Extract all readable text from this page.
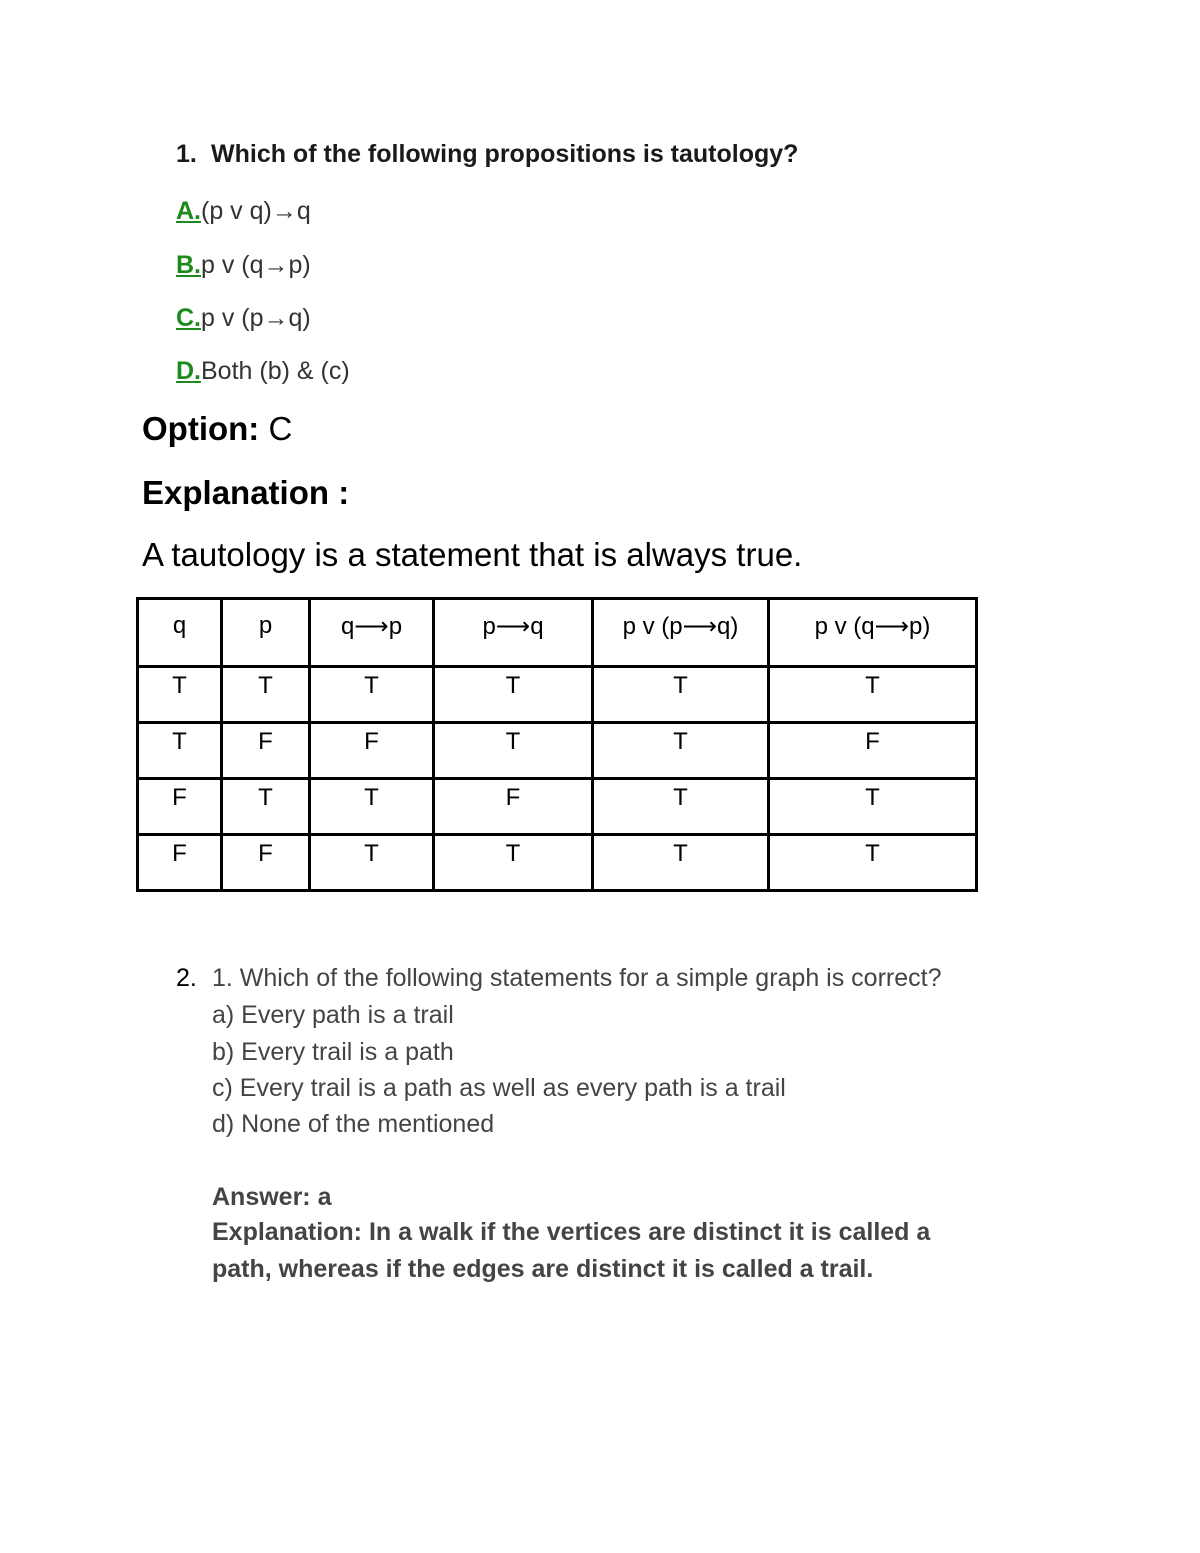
1. Which of the following propositions is tautology?
A.(p v q)→q
B.p v (q→p)
C.p v (p→q)
D.Both (b) & (c)
Option: C
Explanation :
A tautology is a statement that is always true.
q	p	q⟶p	p⟶q	p v (p⟶q)	p v (q⟶p)
T	T	T	T	T	T
T	F	F	T	T	F
F	T	T	F	T	T
F	F	T	T	T	T
2. 1. Which of the following statements for a simple graph is correct?
a) Every path is a trail
b) Every trail is a path
c) Every trail is a path as well as every path is a trail
d) None of the mentioned
Answer: a
Explanation: In a walk if the vertices are distinct it is called a
path, whereas if the edges are distinct it is called a trail.
